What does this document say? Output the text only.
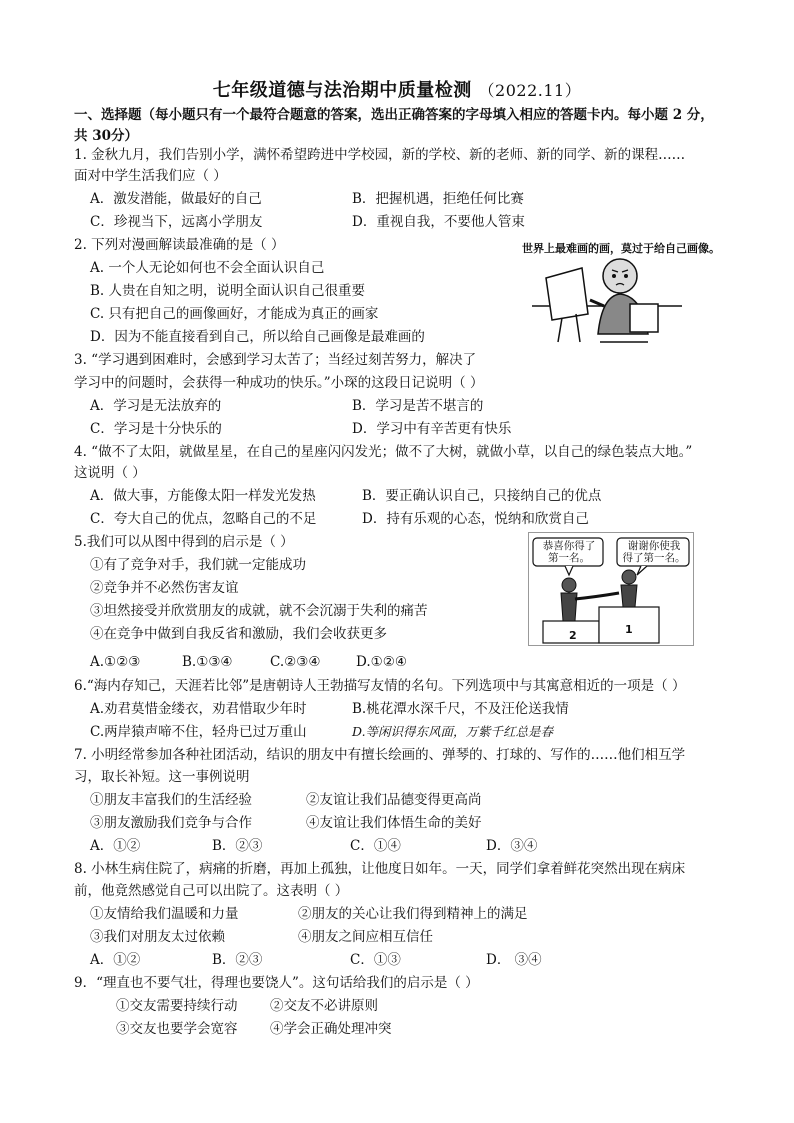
七年级道德与法治期中质量检测 （2022.11）
一、选择题（每小题只有一个最符合题意的答案，选出正确答案的字母填入相应的答题卡内。每小题 2 分，共 30分）
1. 金秋九月，我们告别小学，满怀希望跨进中学校园，新的学校、新的老师、新的同学、新的课程……
面对中学生活我们应（ ）
A．激发潜能，做最好的自己	B．把握机遇，拒绝任何比赛
C．珍视当下，远离小学朋友	D．重视自我，不要他人管束
2. 下列对漫画解读最准确的是（ ）	世界上最难画的画，莫过于给自己画像。
A. 一个人无论如何也不会全面认识自己
B. 人贵在自知之明，说明全面认识自己很重要
C. 只有把自己的画像画好，才能成为真正的画家
D．因为不能直接看到自己，所以给自己画像是最难画的
3. “学习遇到困难时，会感到学习太苦了；当经过刻苦努力，解决了
学习中的问题时，会获得一种成功的快乐。”小琛的这段日记说明（ ）
A．学习是无法放弃的	B．学习是苦不堪言的
C．学习是十分快乐的	D．学习中有辛苦更有快乐
4. “做不了太阳，就做星星，在自己的星座闪闪发光；做不了大树，就做小草，以自己的绿色装点大地。”
这说明（ ）
A．做大事，方能像太阳一样发光发热	B．要正确认识自己，只接纳自己的优点
C．夸大自己的优点，忽略自己的不足	D．持有乐观的心态，悦纳和欣赏自己
5.我们可以从图中得到的启示是（ ）
①有了竞争对手，我们就一定能成功
②竞争并不必然伤害友谊
③坦然接受并欣赏朋友的成就，就不会沉溺于失利的痛苦
④在竞争中做到自我反省和激励，我们会收获更多
A.①②③	B.①③④	C.②③④	D.①②④
恭喜你得了
第一名。
谢谢你使我
得了第一名。
2	1
6.“海内存知己，天涯若比邻”是唐朝诗人王勃描写友情的名句。下列选项中与其寓意相近的一项是（ ）
A.劝君莫惜金缕衣，劝君惜取少年时	B.桃花潭水深千尺，不及汪伦送我情
C.两岸猿声啼不住，轻舟已过万重山	D.等闲识得东风面，万紫千红总是春
7. 小明经常参加各种社团活动，结识的朋友中有擅长绘画的、弹琴的、打球的、写作的……他们相互学
习，取长补短。这一事例说明
①朋友丰富我们的生活经验	②友谊让我们品德变得更高尚
③朋友激励我们竞争与合作	④友谊让我们体悟生命的美好
A．①②	B．②③	C．①④	D．③④
8. 小林生病住院了，病痛的折磨，再加上孤独，让他度日如年。一天，同学们拿着鲜花突然出现在病床
前，他竟然感觉自己可以出院了。这表明（ ）
①友情给我们温暖和力量	②朋友的关心让我们得到精神上的满足
③我们对朋友太过依赖	④朋友之间应相互信任
A．①②	B．②③	C．①③	D． ③④
9．“理直也不要气壮，得理也要饶人”。这句话给我们的启示是（ ）
①交友需要持续行动 ②交友不必讲原则
③交友也要学会宽容 ④学会正确处理冲突
